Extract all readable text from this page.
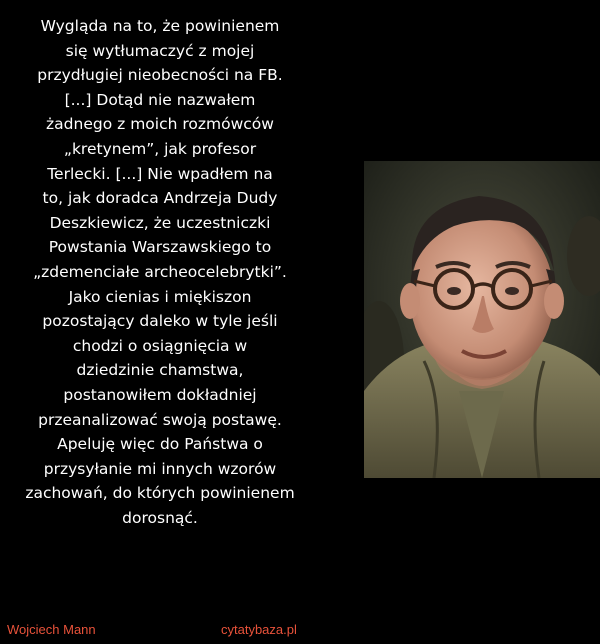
Wygląda na to, że powinienem
się wytłumaczyć z mojej
przydługiej nieobecności na FB.
[...] Dotąd nie nazwałem
żadnego z moich rozmówców
„kretynem”, jak profesor
Terlecki. [...] Nie wpadłem na
to, jak doradca Andrzeja Dudy
Deszkiewicz, że uczestniczki
Powstania Warszawskiego to
„zdemenciałe archeocelebrytki”.
Jako cienias i miękiszon
pozostający daleko w tyle jeśli
chodzi o osiągnięcia w
dziedzinie chamstwa,
postanowiłem dokładniej
przeanalizować swoją postawę.
Apeluję więc do Państwa o
przysyłanie mi innych wzorów
zachowań, do których powinienem
dorosnąć.
Wojciech Mann	cytatybaza.pl
